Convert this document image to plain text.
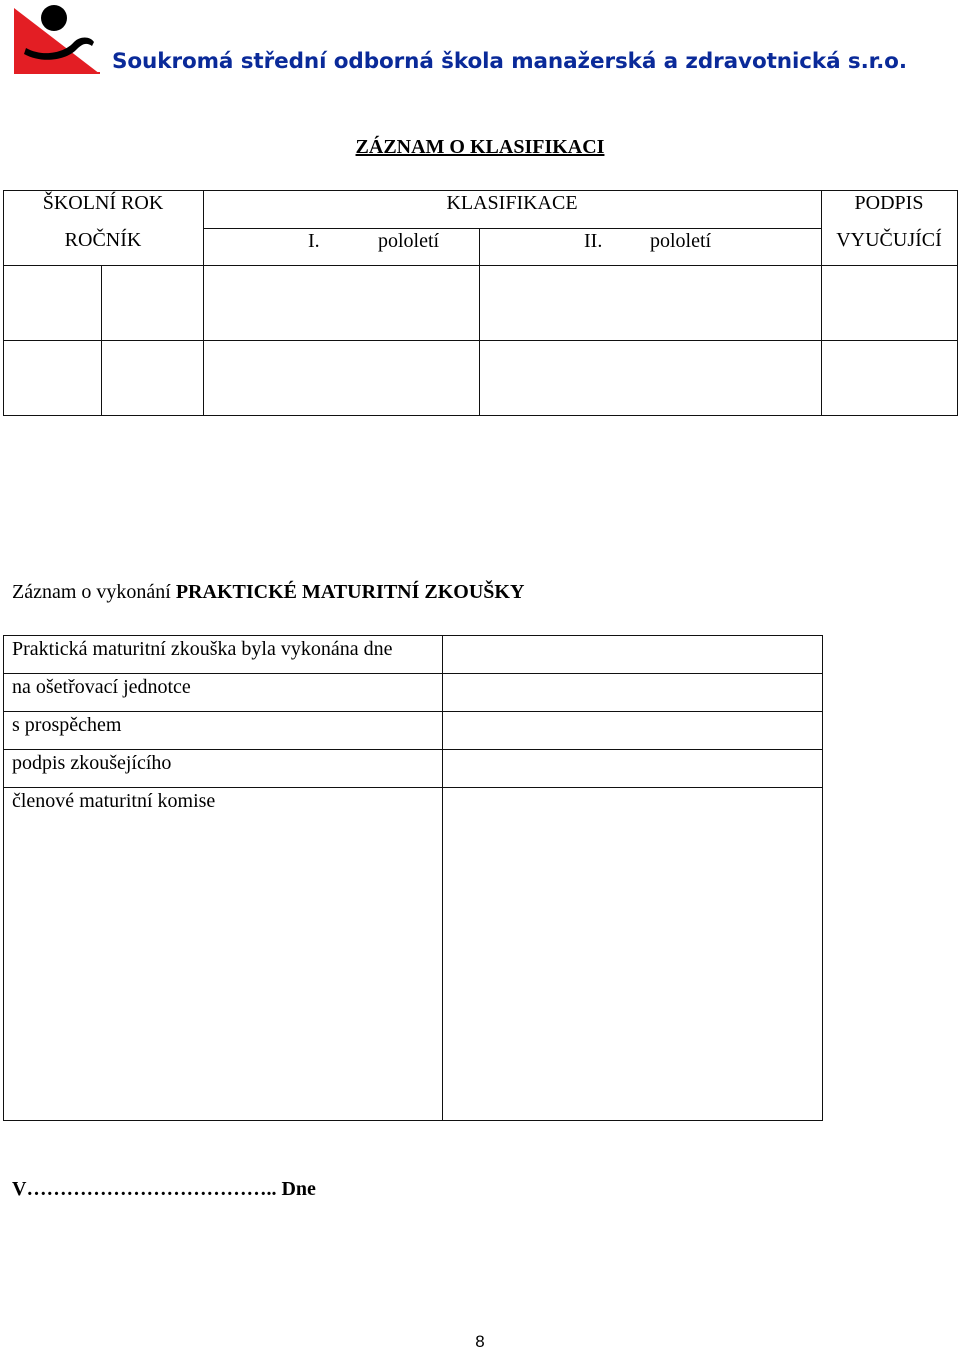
Soukromá střední odborná škola manažerská a zdravotnická s.r.o.
ZÁZNAM O KLASIFIKACI
ŠKOLNÍ ROK
ROČNÍK
KLASIFIKACE
I.	pololetí	II. pololetí
PODPIS
VYUČUJÍCÍ
Záznam o vykonání PRAKTICKÉ MATURITNÍ ZKOUŠKY
Praktická maturitní zkouška byla vykonána dne
na ošetřovací jednotce
s prospěchem
podpis zkoušejícího
členové maturitní komise
V……………………………….. Dne
8
